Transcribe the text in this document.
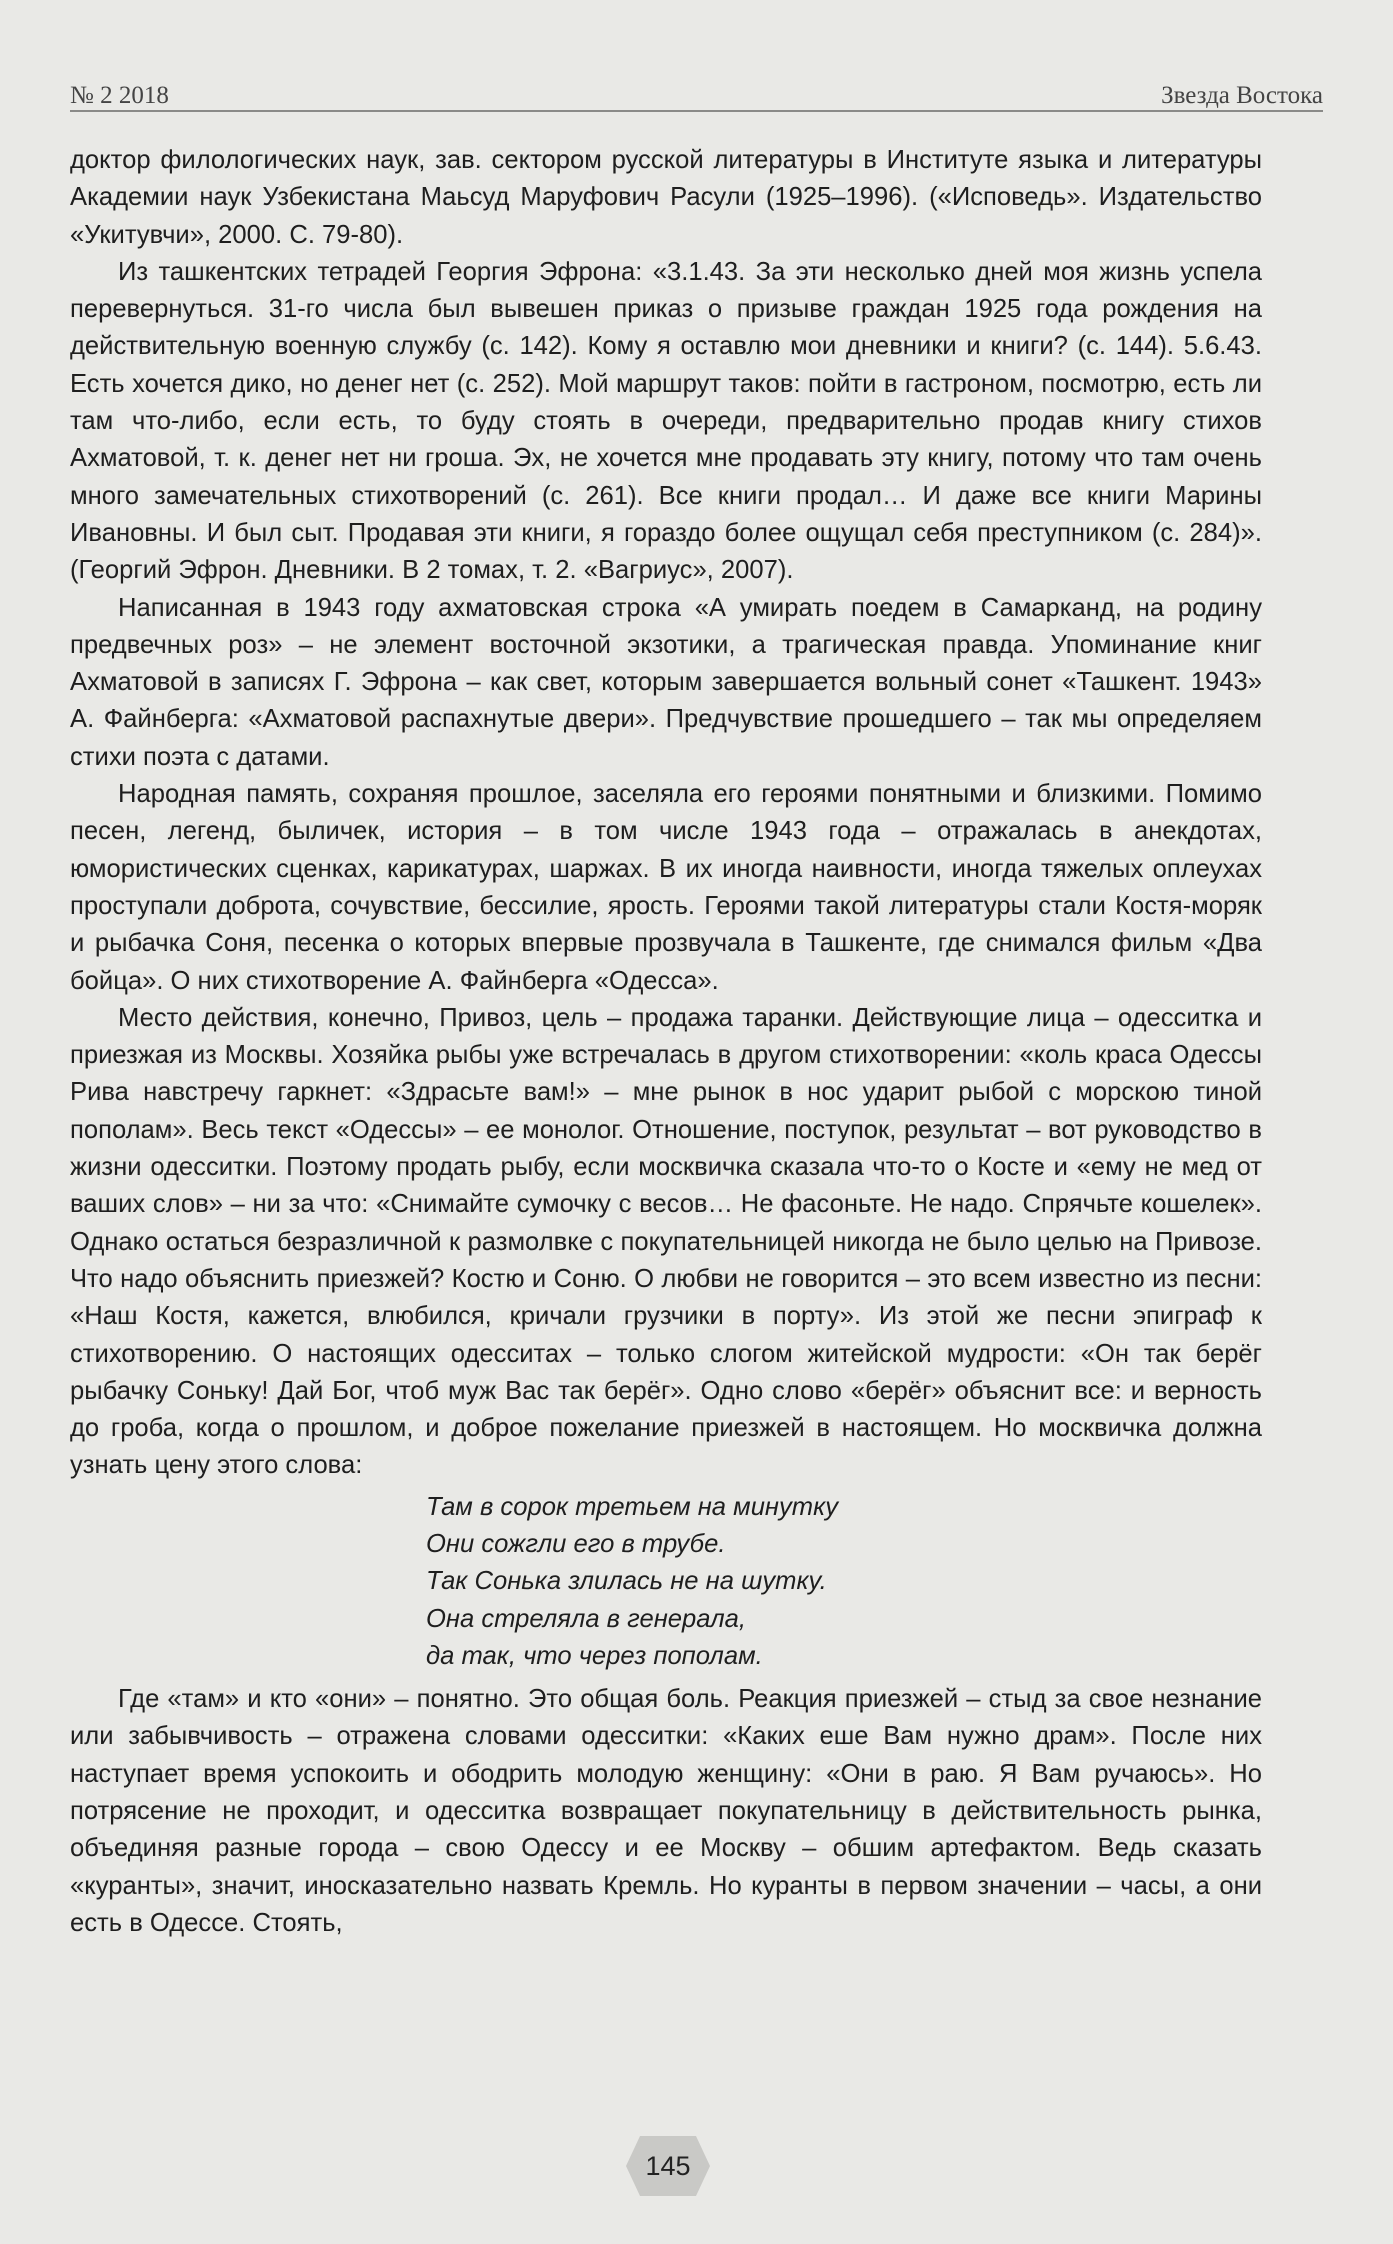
№ 2 2018	Звезда Востока

доктор филологических наук, зав. сектором русской литературы в Институте языка и литературы Академии наук Узбекистана Маьсуд Маруфович Расули (1925–1996). («Исповедь». Издательство «Укитувчи», 2000. С. 79-80).

Из ташкентских тетрадей Георгия Эфрона: «3.1.43. За эти несколько дней моя жизнь успела перевернуться. 31-го числа был вывешен приказ о призыве граждан 1925 года рождения на действительную военную службу (с. 142). Кому я оставлю мои дневники и книги? (с. 144). 5.6.43. Есть хочется дико, но денег нет (с. 252). Мой маршрут таков: пойти в гастроном, посмотрю, есть ли там что-либо, если есть, то буду стоять в очереди, предварительно продав книгу стихов Ахматовой, т. к. денег нет ни гроша. Эх, не хочется мне продавать эту книгу, потому что там очень много замечательных стихотворений (с. 261). Все книги продал… И даже все книги Марины Ивановны. И был сыт. Продавая эти книги, я гораздо более ощущал себя преступником (с. 284)». (Георгий Эфрон. Дневники. В 2 томах, т. 2. «Вагриус», 2007).

Написанная в 1943 году ахматовская строка «А умирать поедем в Самарканд, на родину предвечных роз» – не элемент восточной экзотики, а трагическая правда. Упоминание книг Ахматовой в записях Г. Эфрона – как свет, которым завершается вольный сонет «Ташкент. 1943» А. Файнберга: «Ахматовой распахнутые двери». Предчувствие прошедшего – так мы определяем стихи поэта с датами.

Народная память, сохраняя прошлое, заселяла его героями понятными и близкими. Помимо песен, легенд, быличек, история – в том числе 1943 года – отражалась в анекдотах, юмористических сценках, карикатурах, шаржах. В их иногда наивности, иногда тяжелых оплеухах проступали доброта, сочувствие, бессилие, ярость. Героями такой литературы стали Костя-моряк и рыбачка Соня, песенка о которых впервые прозвучала в Ташкенте, где снимался фильм «Два бойца». О них стихотворение А. Файнберга «Одесса».

Место действия, конечно, Привоз, цель – продажа таранки. Действующие лица – одесситка и приезжая из Москвы. Хозяйка рыбы уже встречалась в другом стихотворении: «коль краса Одессы Рива навстречу гаркнет: «Здрасьте вам!» – мне рынок в нос ударит рыбой с морскою тиной пополам». Весь текст «Одессы» – ее монолог. Отношение, поступок, результат – вот руководство в жизни одесситки. Поэтому продать рыбу, если москвичка сказала что-то о Косте и «ему не мед от ваших слов» – ни за что: «Снимайте сумочку с весов… Не фасоньте. Не надо. Спрячьте кошелек». Однако остаться безразличной к размолвке с покупательницей никогда не было целью на Привозе. Что надо объяснить приезжей? Костю и Соню. О любви не говорится – это всем известно из песни: «Наш Костя, кажется, влюбился, кричали грузчики в порту». Из этой же песни эпиграф к стихотворению. О настоящих одесситах – только слогом житейской мудрости: «Он так берёг рыбачку Соньку! Дай Бог, чтоб муж Вас так берёг». Одно слово «берёг» объяснит все: и верность до гроба, когда о прошлом, и доброе пожелание приезжей в настоящем. Но москвичка должна узнать цену этого слова:

Там в сорок третьем на минутку
Они сожгли его в трубе.
Так Сонька злилась не на шутку.
Она стреляла в генерала,
да так, что через пополам.

Где «там» и кто «они» – понятно. Это общая боль. Реакция приезжей – стыд за свое незнание или забывчивость – отражена словами одесситки: «Каких еше Вам нужно драм». После них наступает время успокоить и ободрить молодую женщину: «Они в раю. Я Вам ручаюсь». Но потрясение не проходит, и одесситка возвращает покупательницу в действительность рынка, объединяя разные города – свою Одессу и ее Москву – обшим артефактом. Ведь сказать «куранты», значит, иносказательно назвать Кремль. Но куранты в первом значении – часы, а они есть в Одессе. Стоять,

145
